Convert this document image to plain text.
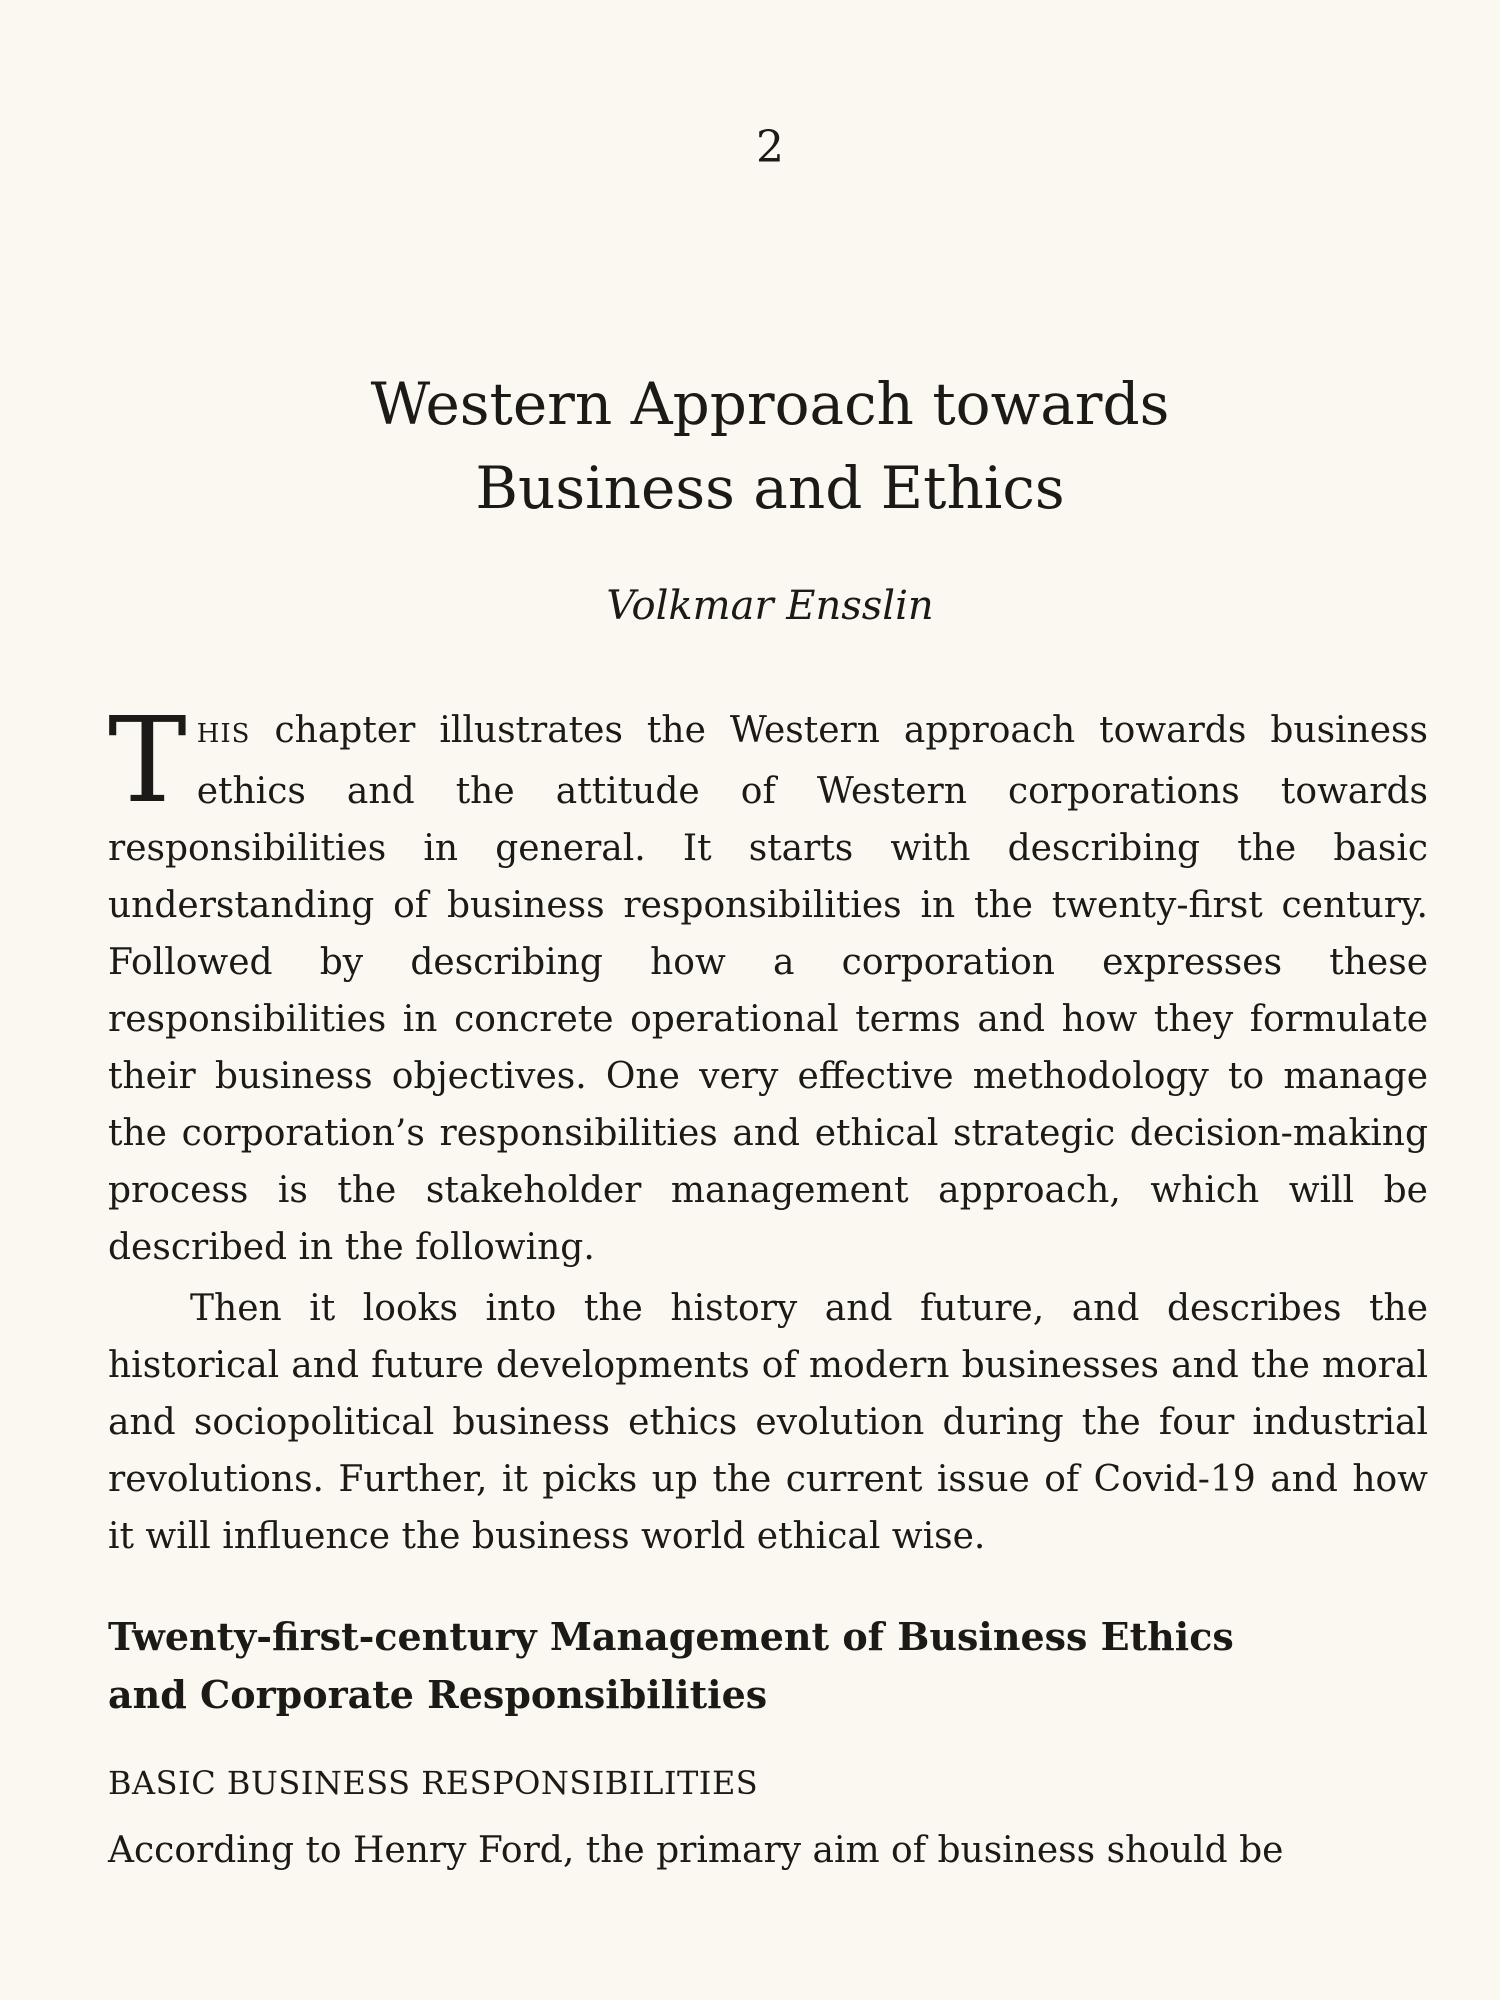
2
Western Approach towards
Business and Ethics
Volkmar Ensslin

THIS chapter illustrates the Western approach towards business ethics and the attitude of Western corporations towards responsibilities in general. It starts with describing the basic understanding of business responsibilities in the twenty-first century. Followed by describing how a corporation expresses these responsibilities in concrete operational terms and how they formulate their business objectives. One very effective methodology to manage the corporation’s responsibilities and ethical strategic decision-making process is the stakeholder management approach, which will be described in the following.

Then it looks into the history and future, and describes the historical and future developments of modern businesses and the moral and sociopolitical business ethics evolution during the four industrial revolutions. Further, it picks up the current issue of Covid-19 and how it will influence the business world ethical wise.

Twenty-first-century Management of Business Ethics
and Corporate Responsibilities
BASIC BUSINESS RESPONSIBILITIES

According to Henry Ford, the primary aim of business should be
